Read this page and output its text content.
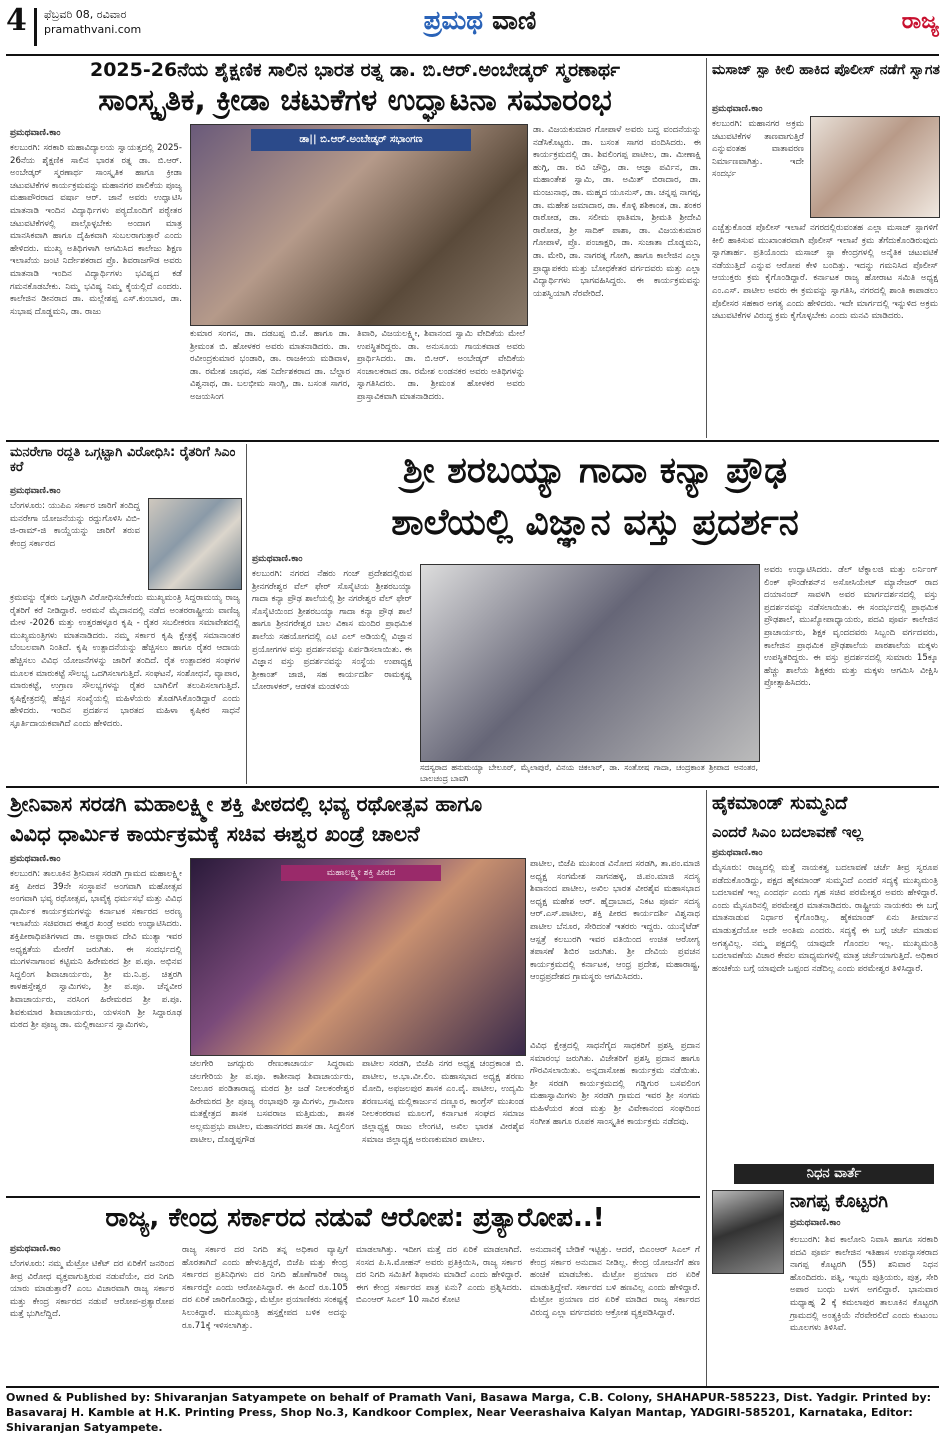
4 ಫೆಬ್ರವರಿ 08, ರವಿವಾರ
pramathvani.com	ಪ್ರಮಥ ವಾಣಿ	ರಾಜ್ಯ
2025-26ನೆಯ ಶೈಕ್ಷಣಿಕ ಸಾಲಿನ ಭಾರತ ರತ್ನ ಡಾ. ಬಿ.ಆರ್.ಅಂಬೇಡ್ಕರ್ ಸ್ಮರಣಾರ್ಥ
ಸಾಂಸ್ಕೃತಿಕ, ಕ್ರೀಡಾ ಚಟುಕೆಗಳ ಉದ್ಘಾಟನಾ ಸಮಾರಂಭ
ಪ್ರಮಥವಾಣಿ.ಕಾಂ
ಕಲಬುರಗಿ: ಸರಕಾರಿ ಮಹಾವಿದ್ಯಾಲಯ ಸ್ವಾಯತ್ತದಲ್ಲಿ 2025-26ನೆಯ ಶೈಕ್ಷಣಿಕ ಸಾಲಿನ ಭಾರತ ರತ್ನ ಡಾ. ಬಿ.ಆರ್. ಅಂಬೇಡ್ಕರ್ ಸ್ಮರಣಾರ್ಥ ಸಾಂಸ್ಕೃತಿಕ ಹಾಗೂ ಕ್ರೀಡಾ ಚಟುವಟಿಕೆಗಳ ಕಾರ್ಯಕ್ರಮವನ್ನು ಮಹಾನಗರ ಪಾಲಿಕೆಯ ಪೂಜ್ಯ ಮಹಾಪೌರರಾದ ವರ್ಷಾ ಆರ್. ಜಾನೆ ಅವರು ಉದ್ಘಾಟಿಸಿ ಮಾತನಾಡಿ ಇಂದಿನ ವಿದ್ಯಾರ್ಥಿಗಳು ಪಠ್ಯದೊಂದಿಗೆ ಪಠ್ಯೇತರ ಚಟುವಟಿಕೆಗಳಲ್ಲಿ ಪಾಲ್ಗೊಳ್ಳಬೇಕು ಅಂದಾಗ ಮಾತ್ರ ಮಾನಸಿಕವಾಗಿ ಹಾಗೂ ದೈಹಿಕವಾಗಿ ಸುಬಲರಾಗುತ್ತಾರೆ ಎಂದು ಹೇಳಿದರು. ಮುಖ್ಯ ಅತಿಥಿಗಳಾಗಿ ಆಗಮಿಸಿದ ಕಾಲೇಜು ಶಿಕ್ಷಣ ಇಲಾಖೆಯ ಜಂಟಿ ನಿರ್ದೇಶಕರಾದ ಪ್ರೊ. ಶಿವರಾಜಗೌಡ ಅವರು ಮಾತನಾಡಿ ಇಂದಿನ ವಿದ್ಯಾರ್ಥಿಗಳು ಭವಿಷ್ಯದ ಕಡೆ ಗಮನಕೊಡಬೇಕು. ನಿಮ್ಮ ಭವಿಷ್ಯ ನಿಮ್ಮ ಕೈಯಲ್ಲಿದೆ ಎಂದರು. ಕಾಲೇಜಿನ ಡೀನರಾದ ಡಾ. ಮಲ್ಲೇಶಪ್ಪ ಎಸ್.ಕುಂಬಾರ, ಡಾ. ಸುಭಾಷ ದೊಡ್ಡಮನಿ, ಡಾ. ರಾಜು
ಡಾ|| ಬಿ.ಆರ್.ಅಂಬೇಡ್ಕರ್ ಸಭಾಂಗಣ
ಕುಮಾರ ಸಂಗನ, ಡಾ. ದಡಬಪ್ಪ ಬಿ.ಜೆ. ಹಾಗೂ ಡಾ. ಶ್ರೀಮಂತ ಬಿ. ಹೋಳಕರ ಅವರು ಮಾತನಾಡಿದರು. ಡಾ. ರವೀಂದ್ರಕುಮಾರ ಭಂಡಾರಿ, ಡಾ. ರಾಜಕೀಯ ಮಡಿವಾಳ, ಡಾ. ರಮೇಶ ಜಾಧವ, ಸಹ ನಿರ್ದೇಶಕರಾದ ಡಾ. ಬೆಲ್ದಾರ ವಿಶ್ವನಾಥ, ಡಾ. ಬಲಭೀಮ ಸಾಂಗ್ಲಿ, ಡಾ. ಬಸಂತ ಸಾಗರ, ಅಜಯಸಿಂಗ
ತಿವಾರಿ, ವಿಜಯಲಕ್ಷ್ಮೀ, ಶಿವಾನಂದ ಸ್ವಾಮಿ ವೇದಿಕೆಯ ಮೇಲೆ ಉಪಸ್ಥಿತರಿದ್ದರು. ಡಾ. ಅನುಸೂಯ ಗಾಯಕವಾಡ ಅವರು ಪ್ರಾರ್ಥಿಸಿದರು. ಡಾ. ಬಿ.ಆರ್. ಅಂಬೇಡ್ಕರ್ ವೇದಿಕೆಯ ಸಂಚಾಲಕರಾದ ಡಾ. ರಮೇಶ ಲಂಡನಕರ ಅವರು ಅತಿಥಿಗಳನ್ನು ಸ್ವಾಗತಿಸಿದರು. ಡಾ. ಶ್ರೀಮಂತ ಹೋಳಕರ ಅವರು ಪ್ರಾಸ್ತಾವಿಕವಾಗಿ ಮಾತನಾಡಿದರು.
ಡಾ. ವಿಜಯಕುಮಾರ ಗೋಪಾಳೆ ಅವರು ಬದ್ಧ ವಂದನೆಯನ್ನು ನಡೆಸಿಕೊಟ್ಟರು. ಡಾ. ಬಸಂತ ಸಾಗರ ವಂದಿಸಿದರು. ಈ ಕಾರ್ಯಕ್ರಮದಲ್ಲಿ ಡಾ. ಶಿವಲಿಂಗಪ್ಪ ಪಾಟೀಲ, ಡಾ. ಮೀಣಾಕ್ಷಿ ಹುಗ್ಗಿ, ಡಾ. ರವಿ ಚೌಧ್ರಿ, ಡಾ. ಆಜ್ಞಾ ಪರ್ವಿನ, ಡಾ. ಮಹಾಂತೇಶ ಸ್ವಾಮಿ, ಡಾ. ಅಮಿತ್ ಬಿರಾದಾರ, ಡಾ. ಮಂಜುನಾಥ, ಡಾ. ಮಹ್ಮದ ಯೂನುಸ್, ಡಾ. ಚನ್ನಪ್ಪ ನಾಗಪ್ಪ, ಡಾ. ಮಹೇಶ ಜಮಾದಾರ, ಡಾ. ಕೊಳ್ಳಿ ಶಶಿಕಾಂತ, ಡಾ. ಶಂಕರ ರಾಠೋಡ, ಡಾ. ಸಲೀಮ ಫಾತಿಮಾ, ಶ್ರೀಮತಿ ಶ್ರೀದೇವಿ ರಾಠೋಡ, ಶ್ರೀ ಸಾದಿಕ್ ಪಾಶಾ, ಡಾ. ವಿಜಯಕುಮಾರ ಗೋಪಾಳೆ, ಪ್ರೊ. ಪಂಚಾಕ್ಷರಿ, ಡಾ. ಸುಜಾತಾ ದೊಡ್ಡಮನಿ, ಡಾ. ಮೇರಿ, ಡಾ. ನಾಗರತ್ನ ಗೋಗಿ, ಹಾಗೂ ಕಾಲೇಜಿನ ಎಲ್ಲಾ ಪ್ರಾಧ್ಯಾಪಕರು ಮತ್ತು ಬೋಧಕೇತರ ವರ್ಗದವರು ಮತ್ತು ಎಲ್ಲಾ ವಿದ್ಯಾರ್ಥಿಗಳು ಭಾಗವಹಿಸಿದ್ದರು. ಈ ಕಾರ್ಯಕ್ರಮವನ್ನು ಯಶಸ್ವಿಯಾಗಿ ನೆರವೇರಿದೆ.
ಮಸಾಜ್ ಸ್ಪಾ ಕೀಲಿ ಹಾಕಿದ ಪೊಲೀಸ್ ನಡೆಗೆ ಸ್ವಾಗತ
ಪ್ರಮಥವಾಣಿ.ಕಾಂ
ಕಲಬುರಗಿ: ಮಹಾನಗರ ಅಕ್ರಮ ಚಟುವಟಿಕೆಗಳ ತಾಣವಾಗುತ್ತಿರೆ ಎನ್ನುವಂತಹ ವಾತಾವರಣ ನಿರ್ಮಾಣವಾಗಿತ್ತು. ಇದೇ ಸಂದರ್ಭ
ಎಚ್ಚೆತ್ತುಕೊಂಡ ಪೊಲೀಸ್ ಇಲಾಖೆ ನಗರದಲ್ಲಿರುವಂತಹ ಎಲ್ಲಾ ಮಸಾಜ್ ಸ್ಪಾಗಳಿಗೆ ಕೀಲಿ ಹಾಕಿಸುವ ಮುಖಾಂತರವಾಗಿ ಪೊಲೀಸ್ ಇಲಾಖೆ ಕ್ರಮ ತೆಗೆದುಕೊಂಡಿರುವುದು ಸ್ವಾಗತಾರ್ಹ. ಪ್ರತಿಯೊಂದು ಮಸಾಜ್ ಸ್ಪಾ ಕೇಂದ್ರಗಳಲ್ಲಿ ಅನೈತಿಕ ಚಟುವಟಿಕೆ ನಡೆಯುತ್ತಿದೆ ಎನ್ನುವ ಆರೋಪ ಕೇಳಿ ಬಂದಿತ್ತು. ಇದನ್ನು ಗಮನಿಸಿದ ಪೊಲೀಸ್ ಆಯುಕ್ತರು ಕ್ರಮ ಕೈಗೊಂಡಿದ್ದಾರೆ. ಕರ್ನಾಟಕ ರಾಜ್ಯ ಹೋರಾಟ ಸಮಿತಿ ಅಧ್ಯಕ್ಷ ಎಂ.ಎಸ್. ಪಾಟೀಲ ಅವರು ಈ ಕ್ರಮವನ್ನು ಸ್ವಾಗತಿಸಿ, ನಗರದಲ್ಲಿ ಶಾಂತಿ ಕಾಪಾಡಲು ಪೊಲೀಸರ ಸಹಕಾರ ಅಗತ್ಯ ಎಂದು ಹೇಳಿದರು. ಇದೇ ಮಾರ್ಗದಲ್ಲಿ ಇನ್ನುಳಿದ ಅಕ್ರಮ ಚಟುವಟಿಕೆಗಳ ವಿರುದ್ಧ ಕ್ರಮ ಕೈಗೊಳ್ಳಬೇಕು ಎಂದು ಮನವಿ ಮಾಡಿದರು.
ಮನರೇಗಾ ರದ್ದತಿ ಒಗ್ಗಟ್ಟಾಗಿ ವಿರೋಧಿಸಿ: ರೈತರಿಗೆ ಸಿಎಂ ಕರೆ
ಪ್ರಮಥವಾಣಿ.ಕಾಂ
ಬೆಂಗಳೂರು: ಯುಪಿಎ ಸರ್ಕಾರ ಜಾರಿಗೆ ತಂದಿದ್ದ ಮನರೇಗಾ ಯೋಜನೆಯನ್ನು ರದ್ದುಗೊಳಿಸಿ ವಿಬಿ-ಜಿ-ರಾಮ್-ಜಿ ಕಾಯ್ದೆಯನ್ನು ಜಾರಿಗೆ ತರುವ ಕೇಂದ್ರ ಸರ್ಕಾರದ
ಕ್ರಮವನ್ನು ರೈತರು ಒಗ್ಗಟ್ಟಾಗಿ ವಿರೋಧಿಸಬೇಕೆಂದು ಮುಖ್ಯಮಂತ್ರಿ ಸಿದ್ದರಾಮಯ್ಯ ರಾಜ್ಯ ರೈತರಿಗೆ ಕರೆ ನೀಡಿದ್ದಾರೆ. ಅರಮನೆ ಮೈದಾನದಲ್ಲಿ ನಡೆದ ಅಂತರರಾಷ್ಟ್ರೀಯ ವಾಣಿಜ್ಯ ಮೇಳ -2026 ಮತ್ತು ಉತ್ತರಹಳ್ಳೂರ ಕೃಷಿ - ರೈತರ ಸಬಲೀಕರಣ ಸಮಾವೇಶದಲ್ಲಿ ಮುಖ್ಯಮಂತ್ರಿಗಳು ಮಾತನಾಡಿದರು. ನಮ್ಮ ಸರ್ಕಾರ ಕೃಷಿ ಕ್ಷೇತ್ರಕ್ಕೆ ಸಮಾನಾಂತರ ಬೆಂಬಲವಾಗಿ ನಿಂತಿದೆ. ಕೃಷಿ ಉತ್ಪಾದನೆಯನ್ನು ಹೆಚ್ಚಿಸಲು ಹಾಗೂ ರೈತರ ಆದಾಯ ಹೆಚ್ಚಿಸಲು ವಿವಿಧ ಯೋಜನೆಗಳನ್ನು ಜಾರಿಗೆ ತಂದಿದೆ. ರೈತ ಉತ್ಪಾದಕರ ಸಂಘಗಳ ಮೂಲಕ ಮಾರುಕಟ್ಟೆ ಸೌಲಭ್ಯ ಒದಗಿಸಲಾಗುತ್ತಿದೆ. ಸಂಘಟನೆ, ಸಂಶೋಧನೆ, ವ್ಯಾಪಾರ, ಮಾರುಕಟ್ಟೆ, ಉಗ್ರಾಣ ಸೌಲಭ್ಯಗಳನ್ನು ರೈತರ ಬಾಗಿಲಿಗೆ ತಲುಪಿಸಲಾಗುತ್ತಿದೆ. ಕೃಷಿಕ್ಷೇತ್ರದಲ್ಲಿ ಹೆಚ್ಚಿನ ಸಂಖ್ಯೆಯಲ್ಲಿ ಮಹಿಳೆಯರು ತೊಡಗಿಸಿಕೊಂಡಿದ್ದಾರೆ ಎಂದು ಹೇಳಿದರು. ಇಂದಿನ ಪ್ರದರ್ಶನ ಭಾರತದ ಮಹಿಳಾ ಕೃಷಿಕರ ಸಾಧನೆ ಸ್ಫೂರ್ತಿದಾಯಕವಾಗಿದೆ ಎಂದು ಹೇಳಿದರು.
ಶ್ರೀ ಶರಬಯ್ಯಾ ಗಾದಾ ಕನ್ಯಾ ಪ್ರೌಢ
ಶಾಲೆಯಲ್ಲಿ ವಿಜ್ಞಾನ ವಸ್ತು ಪ್ರದರ್ಶನ
ಪ್ರಮಥವಾಣಿ.ಕಾಂ
ಕಲಬುರಗಿ: ನಗರದ ನೆಹರು ಗಂಜ್ ಪ್ರದೇಶದಲ್ಲಿರುವ ಶ್ರೀನಗರೇಶ್ವರ ವೆಲ್ ಫೇರ್ ಸೊಸೈಟಿಯ ಶ್ರೀಶರಬಯ್ಯಾ ಗಾದಾ ಕನ್ಯಾ ಪ್ರೌಢ ಶಾಲೆಯಲ್ಲಿ ಶ್ರೀ ನಗರೇಶ್ವರ ವೆಲ್ ಫೇರ್ ಸೊಸೈಟಿಯಿಂದ ಶ್ರೀಶರಬಯ್ಯಾ ಗಾದಾ ಕನ್ಯಾ ಪ್ರೌಢ ಶಾಲೆ ಹಾಗೂ ಶ್ರೀನಗರೇಶ್ವರ ಬಾಲ ವಿಕಾಸ ಮಂದಿರ ಪ್ರಾಥಮಿಕ ಶಾಲೆಯ ಸಹಯೋಗದಲ್ಲಿ ಎಟಿ ಎಲ್ ಅಡಿಯಲ್ಲಿ ವಿಜ್ಞಾನ ಪ್ರಯೋಗಗಳ ವಸ್ತು ಪ್ರದರ್ಶನವನ್ನು ಏರ್ಪಡಿಸಲಾಯಿತು. ಈ ವಿಜ್ಞಾನ ವಸ್ತು ಪ್ರದರ್ಶನವನ್ನು ಸಂಸ್ಥೆಯ ಉಪಾಧ್ಯಕ್ಷ ಶ್ರೀಕಾಂತ್ ಜಾಜಿ, ಸಹ ಕಾರ್ಯದರ್ಶಿ ರಾಮಕೃಷ್ಣ ಬೋರಾಳಕರ್, ಆಡಳಿತ ಮಂಡಳಿಯ
ಸದಸ್ಯರಾದ ಹನುಮಯ್ಯಾ ಬೇಲೂರ್, ಮೈಲಾಪುರೆ, ವಿನಯ ಚಿಕಲಾರ್, ಡಾ. ಸಂತೋಷ ಗಾದಾ, ಚಂದ್ರಕಾಂತ ಶ್ರೀಪಾದ ಅನಂತರ, ಬಾಲಚಂದ್ರ ಬಾವಗಿ
ಅವರು ಉದ್ಘಾಟಿಸಿದರು. ಡೆಲ್ ಟೆಕ್ನಾಲಜಿ ಮತ್ತು ಲರ್ನಿಂಗ್ ಲಿಂಕ್ ಫೌಂಡೇಶನ್‌ನ ಅಸೋಸಿಯೇಟ್ ಮ್ಯಾನೇಜರ್ ರಾದ ದಯಾನಂದ್ ಸಾವಳಗಿ ಅವರ ಮಾರ್ಗದರ್ಶನದಲ್ಲಿ ವಸ್ತು ಪ್ರದರ್ಶನವನ್ನು ನಡೆಸಲಾಯಿತು. ಈ ಸಂದರ್ಭದಲ್ಲಿ ಪ್ರಾಥಮಿಕ ಪ್ರೌಢಶಾಲೆ, ಮುಖ್ಯೋಪಾಧ್ಯಾಯರು, ಪದವಿ ಪೂರ್ವ ಕಾಲೇಜಿನ ಪ್ರಾಚಾರ್ಯರು, ಶಿಕ್ಷಕ ವೃಂದದವರು ಸಿಬ್ಬಂದಿ ವರ್ಗದವರು, ಕಾಲೇಜಿನ ಪ್ರಾಥಮಿಕ ಪ್ರೌಢಶಾಲೆಯ ಪಾಠಶಾಲೆಯ ಮಕ್ಕಳು ಉಪಸ್ಥಿತರಿದ್ದರು. ಈ ವಸ್ತು ಪ್ರದರ್ಶನದಲ್ಲಿ ಸುಮಾರು 15ಕ್ಕೂ ಹೆಚ್ಚು ಶಾಲೆಯ ಶಿಕ್ಷಕರು ಮತ್ತು ಮಕ್ಕಳು ಆಗಮಿಸಿ ವೀಕ್ಷಿಸಿ ಪ್ರೋತ್ಸಾಹಿಸಿದರು.
ಶ್ರೀನಿವಾಸ ಸರಡಗಿ ಮಹಾಲಕ್ಷ್ಮೀ ಶಕ್ತಿ ಪೀಠದಲ್ಲಿ ಭವ್ಯ ರಥೋತ್ಸವ ಹಾಗೂ
ವಿವಿಧ ಧಾರ್ಮಿಕ ಕಾರ್ಯಕ್ರಮಕ್ಕೆ ಸಚಿವ ಈಶ್ವರ ಖಂಡ್ರೆ ಚಾಲನೆ
ಪ್ರಮಥವಾಣಿ.ಕಾಂ
ಕಲಬುರಗಿ: ತಾಲೂಕಿನ ಶ್ರೀನಿವಾಸ ಸರಡಗಿ ಗ್ರಾಮದ ಮಹಾಲಕ್ಷ್ಮೀ ಶಕ್ತಿ ಪೀಠದ 39ನೇ ಸಂಸ್ಥಾಪನೆ ಅಂಗವಾಗಿ ಮಹೋತ್ಸವ ಅಂಗವಾಗಿ ಭವ್ಯ ರಥೋತ್ಸವ, ಭಾವೈಕ್ಯ ಧರ್ಮಸಭೆ ಮತ್ತು ವಿವಿಧ ಧಾರ್ಮಿಕ ಕಾರ್ಯಕ್ರಮಗಳನ್ನು ಕರ್ನಾಟಕ ಸರ್ಕಾರದ ಅರಣ್ಯ ಇಲಾಖೆಯ ಸಚಿವರಾದ ಈಶ್ವರ ಖಂಡ್ರೆ ಅವರು ಉದ್ಘಾಟಿಸಿದರು. ಶಕ್ತಿಪೀಠಾಧಿಪತಿಗಳಾದ ಡಾ. ಅಪ್ಪಾರಾವ ದೇವಿ ಮುತ್ಯಾ ಇವರ ಅಧ್ಯಕ್ಷತೆಯ ಮೇರೆಗೆ ಜರುಗಿತು. ಈ ಸಂದರ್ಭದಲ್ಲಿ ಮುಗಳನಾಗಾಂವ ಕಟ್ಟಿಮನಿ ಹಿರೇಮಠದ ಶ್ರೀ ಪ.ಪೂ. ಅಭಿನವ ಸಿದ್ದಲಿಂಗ ಶಿವಾಚಾರ್ಯರು, ಶ್ರೀ ಮ.ನಿ.ಪ್ರ. ಚಿತ್ತರಗಿ ಕಾಳಹಸ್ತೇಶ್ವರ ಸ್ವಾಮಿಗಳು, ಶ್ರೀ ಪ.ಪೂ. ಚೆನ್ನವೀರ ಶಿವಾಚಾರ್ಯರು, ನರಸಿಂಗ ಹಿರೇಮಠದ ಶ್ರೀ ಪ.ಪೂ. ಶಿವಕುಮಾರ ಶಿವಾಚಾರ್ಯರು, ಯಳಸಂಗಿ ಶ್ರೀ ಸಿದ್ದಾರೂಢ ಮಠದ ಶ್ರೀ ಪೂಜ್ಯ ಡಾ. ಮಲ್ಲಿಕಾರ್ಜುನ ಸ್ವಾಮಿಗಳು,
ಮಹಾಲಕ್ಷ್ಮೀ ಶಕ್ತಿ ಪೀಠದ
ಚಲಗೇರಿ ಜಗದ್ಗುರು ರೇಣುಕಾಚಾರ್ಯ ಸಿದ್ಧರಾಮ ಚಲಗೇರಿಯ ಶ್ರೀ ಪ.ಪೂ. ಕಾಶೀನಾಥ ಶಿವಾಚಾರ್ಯರು, ನೀಲೂರ ಪಂಡಿತಾರಾಧ್ಯ ಮಠದ ಶ್ರೀ ಜಡೆ ನೀಲಕಂಠೇಶ್ವರ ಹಿರೇಮಠದ ಶ್ರೀ ಪೂಜ್ಯ ರಂಭಾಪುರಿ ಸ್ವಾಮಿಗಳು, ಗ್ರಾಮೀಣ ಮತಕ್ಷೇತ್ರದ ಶಾಸಕ ಬಸವರಾಜ ಮತ್ತಿಮಡು, ಶಾಸಕ ಅಲ್ಲಮಪ್ರಭು ಪಾಟೀಲ, ಮಹಾನಗರದ ಶಾಸಕ ಡಾ. ಸಿದ್ದಲಿಂಗ ಪಾಟೀಲ, ದೊಡ್ಡಪ್ಪಗೌಡ
ಪಾಟೀಲ ಸರಡಗಿ, ಬಿಜೆಪಿ ನಗರ ಅಧ್ಯಕ್ಷ ಚಂದ್ರಕಾಂತ ಬಿ. ಪಾಟೀಲ, ಅ.ಭಾ.ವೀ.ಲಿಂ. ಮಹಾಸಭಾದ ಅಧ್ಯಕ್ಷ ಶರಣು ಮೋದಿ, ಅಫಜಲಪುರ ಶಾಸಕ ಎಂ.ವೈ. ಪಾಟೀಲ, ಉದ್ಯಮಿ ಶರಣಬಸಪ್ಪ ಮಲ್ಲಿಕಾರ್ಜುನ ದಣ್ಣೂರ, ಕಾಂಗ್ರೆಸ್ ಮುಖಂಡ ನೀಲಕಂಠರಾವ ಮೂಲಗೆ, ಕರ್ನಾಟಕ ಸಂಘದ ಸಮಾಜ ಜಿಲ್ಲಾಧ್ಯಕ್ಷ ರಾಜು ಲೇಂಗಟಿ, ಅಖಿಲ ಭಾರತ ವೀರಶೈವ ಸಮಾಜ ಜಿಲ್ಲಾಧ್ಯಕ್ಷ ಅರುಣಕುಮಾರ ಪಾಟೀಲ.
ಪಾಟೀಲ, ಬಿಜೆಪಿ ಮುಖಂಡ ವಿನೋದ ಸರಡಗಿ, ತಾ.ಪಂ.ಮಾಜಿ ಅಧ್ಯಕ್ಷ ಸಂಗಮೇಶ ನಾಗನಹಳ್ಳಿ, ಜಿ.ಪಂ.ಮಾಜಿ ಸದಸ್ಯ ಶಿವಾನಂದ ಪಾಟೀಲ, ಅಖಿಲ ಭಾರತ ವೀರಶೈವ ಮಹಾಸಭಾದ ಅಧ್ಯಕ್ಷ ಮಹೇಶ ಆರ್. ಹೈದ್ರಾಬಾದ, ನಿಕಟ ಪೂರ್ವ ಸದಸ್ಯ ಆರ್.ಎಸ್.ಪಾಟೀಲ, ಶಕ್ತಿ ಪೀಠದ ಕಾರ್ಯದರ್ಶಿ ವಿಶ್ವನಾಥ ಪಾಟೀಲ ಬೆನೂರ, ಸೇರಿದಂತೆ ಇತರರು ಇದ್ದರು. ಯುನೈಟೆಡ್ ಆಸ್ಪತ್ರೆ ಕಲಬುರಗಿ ಇವರ ವತಿಯಿಂದ ಉಚಿತ ಆರೋಗ್ಯ ತಪಾಸಣೆ ಶಿಬಿರ ಜರುಗಿತು. ಶ್ರೀ ದೇವಿಯ ಪ್ರವಚನ ಕಾರ್ಯಕ್ರಮದಲ್ಲಿ ಕರ್ನಾಟಕ, ಆಂಧ್ರ ಪ್ರದೇಶ, ಮಹಾರಾಷ್ಟ್ರ, ಆಂಧ್ರಪ್ರದೇಶದ ಗ್ರಾಮಸ್ಥರು ಆಗಮಿಸಿದರು.
ವಿವಿಧ ಕ್ಷೇತ್ರದಲ್ಲಿ ಸಾಧನೆಗೈದ ಸಾಧಕರಿಗೆ ಪ್ರಶಸ್ತಿ ಪ್ರದಾನ ಸಮಾರಂಭ ಜರುಗಿತು. ವಿಜೇತರಿಗೆ ಪ್ರಶಸ್ತಿ ಪ್ರದಾನ ಹಾಗೂ ಗೌರವಿಸಲಾಯಿತು. ಅನ್ನದಾಸೋಹ ಕಾರ್ಯಕ್ರಮ ನಡೆಯಿತು. ಶ್ರೀ ಸರಡಗಿ ಕಾರ್ಯಕ್ರಮದಲ್ಲಿ ಗಡ್ಡಿಗುರ ಬಸವಲಿಂಗ ಮಹಾಸ್ವಾಮಿಗಳು ಶ್ರೀ ಸರಡಗಿ ಗ್ರಾಮದ ಇವರ ಶ್ರೀ ಸಂಗಮ ಮಹಿಳೆಯರ ತಂಡ ಮತ್ತು ಶ್ರೀ ವಿವೇಕಾನಂದ ಸಂಘದಿಂದ ಸಂಗೀತ ಹಾಗೂ ರೂಪಕ ಸಾಂಸ್ಕೃತಿಕ ಕಾರ್ಯಕ್ರಮ ನಡೆದವು.
ಹೈಕಮಾಂಡ್ ಸುಮ್ಮನಿದೆ
ಎಂದರೆ ಸಿಎಂ ಬದಲಾವಣೆ ಇಲ್ಲ
ಪ್ರಮಥವಾಣಿ.ಕಾಂ
ಮೈಸೂರು: ರಾಜ್ಯದಲ್ಲಿ ಮತ್ತೆ ನಾಯಕತ್ವ ಬದಲಾವಣೆ ಚರ್ಚೆ ತೀವ್ರ ಸ್ವರೂಪ ಪಡೆದುಕೊಂಡಿದ್ದು, ಪಕ್ಷದ ಹೈಕಮಾಂಡ್ ಸುಮ್ಮನಿದೆ ಎಂದರೆ ಸದ್ಯಕ್ಕೆ ಮುಖ್ಯಮಂತ್ರಿ ಬದಲಾವಣೆ ಇಲ್ಲ ಎಂದರ್ಥ ಎಂದು ಗೃಹ ಸಚಿವ ಪರಮೇಶ್ವರ ಅವರು ಹೇಳಿದ್ದಾರೆ. ಎಂದು ಮೈಸೂರಿನಲ್ಲಿ ಪರಮೇಶ್ವರ ಮಾತನಾಡಿದರು. ರಾಷ್ಟ್ರೀಯ ನಾಯಕರು ಈ ಬಗ್ಗೆ ಮಾತನಾಡುವ ನಿರ್ಧಾರ ಕೈಗೊಂಡಿಲ್ಲ. ಹೈಕಮಾಂಡ್ ಏನು ತೀರ್ಮಾನ ಮಾಡುತ್ತದೆಯೋ ಅದೇ ಅಂತಿಮ ಎಂದರು. ಸದ್ಯಕ್ಕೆ ಈ ಬಗ್ಗೆ ಚರ್ಚೆ ಮಾಡುವ ಅಗತ್ಯವಿಲ್ಲ. ನಮ್ಮ ಪಕ್ಷದಲ್ಲಿ ಯಾವುದೇ ಗೊಂದಲ ಇಲ್ಲ. ಮುಖ್ಯಮಂತ್ರಿ ಬದಲಾವಣೆಯ ವಿಚಾರ ಕೇವಲ ಮಾಧ್ಯಮಗಳಲ್ಲಿ ಮಾತ್ರ ಚರ್ಚೆಯಾಗುತ್ತಿದೆ. ಅಧಿಕಾರ ಹಂಚಿಕೆಯ ಬಗ್ಗೆ ಯಾವುದೇ ಒಪ್ಪಂದ ನಡೆದಿಲ್ಲ ಎಂದು ಪರಮೇಶ್ವರ ತಿಳಿಸಿದ್ದಾರೆ.
ನಿಧನ ವಾರ್ತೆ
ನಾಗಪ್ಪ ಕೊಟ್ಟರಗಿ
ಪ್ರಮಥವಾಣಿ.ಕಾಂ
ಕಲಬುರಗಿ: ಶಿವ ಕಾಲೋನಿ ನಿವಾಸಿ ಹಾಗೂ ಸರಕಾರಿ ಪದವಿ ಪೂರ್ವ ಕಾಲೇಜಿನ ಇತಿಹಾಸ ಉಪನ್ಯಾಸಕರಾದ ನಾಗಪ್ಪ ಕೊಟ್ಟರಗಿ (55) ಶನಿವಾರ ನಿಧನ ಹೊಂದಿದರು. ಪತ್ನಿ, ಇಬ್ಬರು ಪುತ್ರಿಯರು, ಪುತ್ರ, ಸೇರಿ ಅಪಾರ ಬಂಧು ಬಳಗ ಅಗಲಿದ್ದಾರೆ. ಭಾನುವಾರ ಮಧ್ಯಾಹ್ನ 2 ಕ್ಕೆ ಕಮಲಾಪುರ ತಾಲೂಕಿನ ಕೊಟ್ಟರಗಿ ಗ್ರಾಮದಲ್ಲಿ ಅಂತ್ಯಕ್ರಿಯೆ ನೆರವೇರಲಿದೆ ಎಂದು ಕುಟುಂಬ ಮೂಲಗಳು ತಿಳಿಸಿವೆ.
ರಾಜ್ಯ, ಕೇಂದ್ರ ಸರ್ಕಾರದ ನಡುವೆ ಆರೋಪ: ಪ್ರತ್ಯಾರೋಪ..!
ಪ್ರಮಥವಾಣಿ.ಕಾಂ
ಬೆಂಗಳೂರು: ನಮ್ಮ ಮೆಟ್ರೋ ಟಿಕೆಟ್ ದರ ಏರಿಕೆಗೆ ಜನರಿಂದ ತೀವ್ರ ವಿರೋಧ ವ್ಯಕ್ತವಾಗುತ್ತಿರುವ ನಡುವೆಯೇ, ದರ ನಿಗದಿ ಯಾರು ಮಾಡುತ್ತಾರೆ? ಎಂಬ ವಿಚಾರವಾಗಿ ರಾಜ್ಯ ಸರ್ಕಾರ ಮತ್ತು ಕೇಂದ್ರ ಸರ್ಕಾರದ ನಡುವೆ ಆರೋಪ-ಪ್ರತ್ಯಾರೋಪ ಮತ್ತೆ ಭುಗಿಲೆದ್ದಿದೆ.
ರಾಜ್ಯ ಸರ್ಕಾರ ದರ ನಿಗದಿ ತನ್ನ ಅಧಿಕಾರ ವ್ಯಾಪ್ತಿಗೆ ಹೊರತಾಗಿದೆ ಎಂದು ಹೇಳುತ್ತಿದ್ದರೆ, ಬಿಜೆಪಿ ಮತ್ತು ಕೇಂದ್ರ ಸರ್ಕಾರದ ಪ್ರತಿನಿಧಿಗಳು ದರ ನಿಗದಿ ಹೊಣೆಗಾರಿಕೆ ರಾಜ್ಯ ಸರ್ಕಾರದ್ದೇ ಎಂದು ಆರೋಪಿಸಿದ್ದಾರೆ. ಈ ಹಿಂದೆ ರೂ.105 ದರ ಏರಿಕೆ ಜಾರಿಗೊಂಡಿದ್ದು, ಮೆಟ್ರೋ ಪ್ರಯಾಣಿಕರು ಸಂಕಷ್ಟಕ್ಕೆ ಸಿಲುಕಿದ್ದಾರೆ. ಮುಖ್ಯಮಂತ್ರಿ ಹಸ್ತಕ್ಷೇಪದ ಬಳಿಕ ಅದನ್ನು ರೂ.71ಕ್ಕೆ ಇಳಿಸಲಾಗಿತ್ತು.
ಮಾಡಲಾಗಿತ್ತು. ಇದೀಗ ಮತ್ತೆ ದರ ಏರಿಕೆ ಮಾಡಲಾಗಿದೆ. ಸಂಸದ ಪಿ.ಸಿ.ಮೋಹನ್ ಅವರು ಪ್ರತಿಕ್ರಿಯಿಸಿ, ರಾಜ್ಯ ಸರ್ಕಾರ ದರ ನಿಗದಿ ಸಮಿತಿಗೆ ಶಿಫಾರಸು ಮಾಡಿದೆ ಎಂದು ಹೇಳಿದ್ದಾರೆ. ಈಗ ಕೇಂದ್ರ ಸರ್ಕಾರದ ಪಾತ್ರ ಏನು? ಎಂದು ಪ್ರಶ್ನಿಸಿದರು. ಬಿಎಂಆರ್ ಸಿಎಲ್ 10 ಸಾವಿರ ಕೋಟಿ
ಅನುದಾನಕ್ಕೆ ಬೇಡಿಕೆ ಇಟ್ಟಿತ್ತು. ಆದರೆ, ಬಿಎಂಆರ್ ಸಿಎಲ್ ಗೆ ಕೇಂದ್ರ ಸರ್ಕಾರ ಅನುದಾನ ನೀಡಿಲ್ಲ. ಕೇಂದ್ರ ಯೋಜನೆಗೆ ಹಣ ಹಂಚಿಕೆ ಮಾಡಬೇಕು. ಮೆಟ್ರೋ ಪ್ರಯಾಣ ದರ ಏರಿಕೆ ಮಾಡುತ್ತಿದ್ದೇವೆ. ಸರ್ಕಾರದ ಬಳಿ ಹಣವಿಲ್ಲ ಎಂದು ಹೇಳಿದ್ದಾರೆ. ಮೆಟ್ರೋ ಪ್ರಯಾಣ ದರ ಏರಿಕೆ ಮಾಡಿದ ರಾಜ್ಯ ಸರ್ಕಾರದ ವಿರುದ್ಧ ಎಲ್ಲಾ ವರ್ಗದವರು ಆಕ್ರೋಶ ವ್ಯಕ್ತಪಡಿಸಿದ್ದಾರೆ.
Owned & Published by: Shivaranjan Satyampete on behalf of Pramath Vani, Basawa Marga, C.B. Colony, SHAHAPUR-585223, Dist. Yadgir. Printed by: Basavaraj H. Kamble at H.K. Printing Press, Shop No.3, Kandkoor Complex, Near Veerashaiva Kalyan Mantap, YADGIRI-585201, Karnataka, Editor: Shivaranjan Satyampete.
